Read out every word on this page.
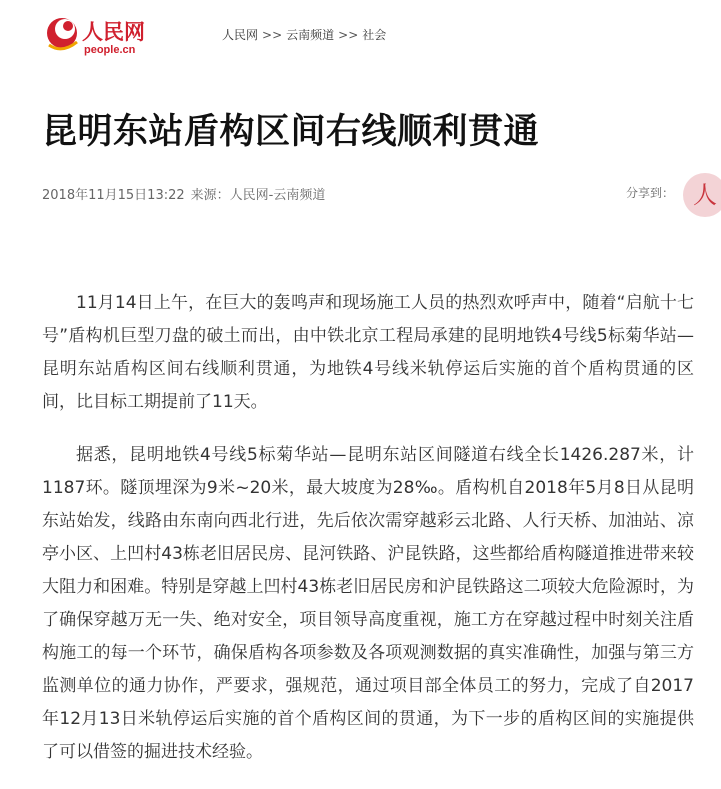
人民网
people.cn
人民网 >> 云南频道 >> 社会
昆明东站盾构区间右线顺利贯通
2018年11月15日13:22 来源：人民网-云南频道	分享到： 人

11月14日上午，在巨大的轰鸣声和现场施工人员的热烈欢呼声中，随着“启航十七号”盾构机巨型刀盘的破土而出，由中铁北京工程局承建的昆明地铁4号线5标菊华站—昆明东站盾构区间右线顺利贯通，为地铁4号线米轨停运后实施的首个盾构贯通的区间，比目标工期提前了11天。

据悉，昆明地铁4号线5标菊华站—昆明东站区间隧道右线全长1426.287米，计1187环。隧顶埋深为9米~20米，最大坡度为28‰。盾构机自2018年5月8日从昆明东站始发，线路由东南向西北行进，先后依次需穿越彩云北路、人行天桥、加油站、凉亭小区、上凹村43栋老旧居民房、昆河铁路、沪昆铁路，这些都给盾构隧道推进带来较大阻力和困难。特别是穿越上凹村43栋老旧居民房和沪昆铁路这二项较大危险源时，为了确保穿越万无一失、绝对安全，项目领导高度重视，施工方在穿越过程中时刻关注盾构施工的每一个环节，确保盾构各项参数及各项观测数据的真实准确性，加强与第三方监测单位的通力协作，严要求，强规范，通过项目部全体员工的努力，完成了自2017年12月13日米轨停运后实施的首个盾构区间的贯通，为下一步的盾构区间的实施提供了可以借签的掘进技术经验。
